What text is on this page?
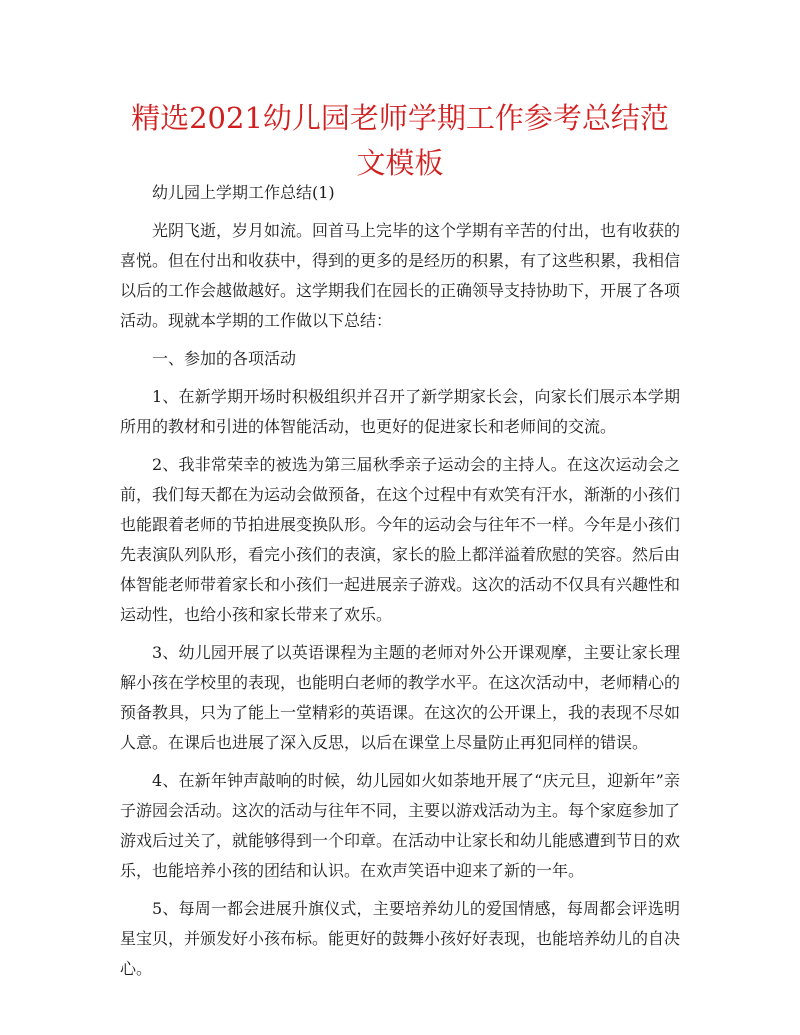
精选2021幼儿园老师学期工作参考总结范文模板

幼儿园上学期工作总结(1)

光阴飞逝，岁月如流。回首马上完毕的这个学期有辛苦的付出，也有收获的喜悦。但在付出和收获中，得到的更多的是经历的积累，有了这些积累，我相信以后的工作会越做越好。这学期我们在园长的正确领导支持协助下，开展了各项活动。现就本学期的工作做以下总结：

一、参加的各项活动

1、在新学期开场时积极组织并召开了新学期家长会，向家长们展示本学期所用的教材和引进的体智能活动，也更好的促进家长和老师间的交流。

2、我非常荣幸的被选为第三届秋季亲子运动会的主持人。在这次运动会之前，我们每天都在为运动会做预备，在这个过程中有欢笑有汗水，渐渐的小孩们也能跟着老师的节拍进展变换队形。今年的运动会与往年不一样。今年是小孩们先表演队列队形，看完小孩们的表演，家长的脸上都洋溢着欣慰的笑容。然后由体智能老师带着家长和小孩们一起进展亲子游戏。这次的活动不仅具有兴趣性和运动性，也给小孩和家长带来了欢乐。

3、幼儿园开展了以英语课程为主题的老师对外公开课观摩，主要让家长理解小孩在学校里的表现，也能明白老师的教学水平。在这次活动中，老师精心的预备教具，只为了能上一堂精彩的英语课。在这次的公开课上，我的表现不尽如人意。在课后也进展了深入反思，以后在课堂上尽量防止再犯同样的错误。

4、在新年钟声敲响的时候，幼儿园如火如荼地开展了“庆元旦，迎新年”亲子游园会活动。这次的活动与往年不同，主要以游戏活动为主。每个家庭参加了游戏后过关了，就能够得到一个印章。在活动中让家长和幼儿能感遭到节日的欢乐，也能培养小孩的团结和认识。在欢声笑语中迎来了新的一年。

5、每周一都会进展升旗仪式，主要培养幼儿的爱国情感，每周都会评选明星宝贝，并颁发好小孩布标。能更好的鼓舞小孩好好表现，也能培养幼儿的自决心。
